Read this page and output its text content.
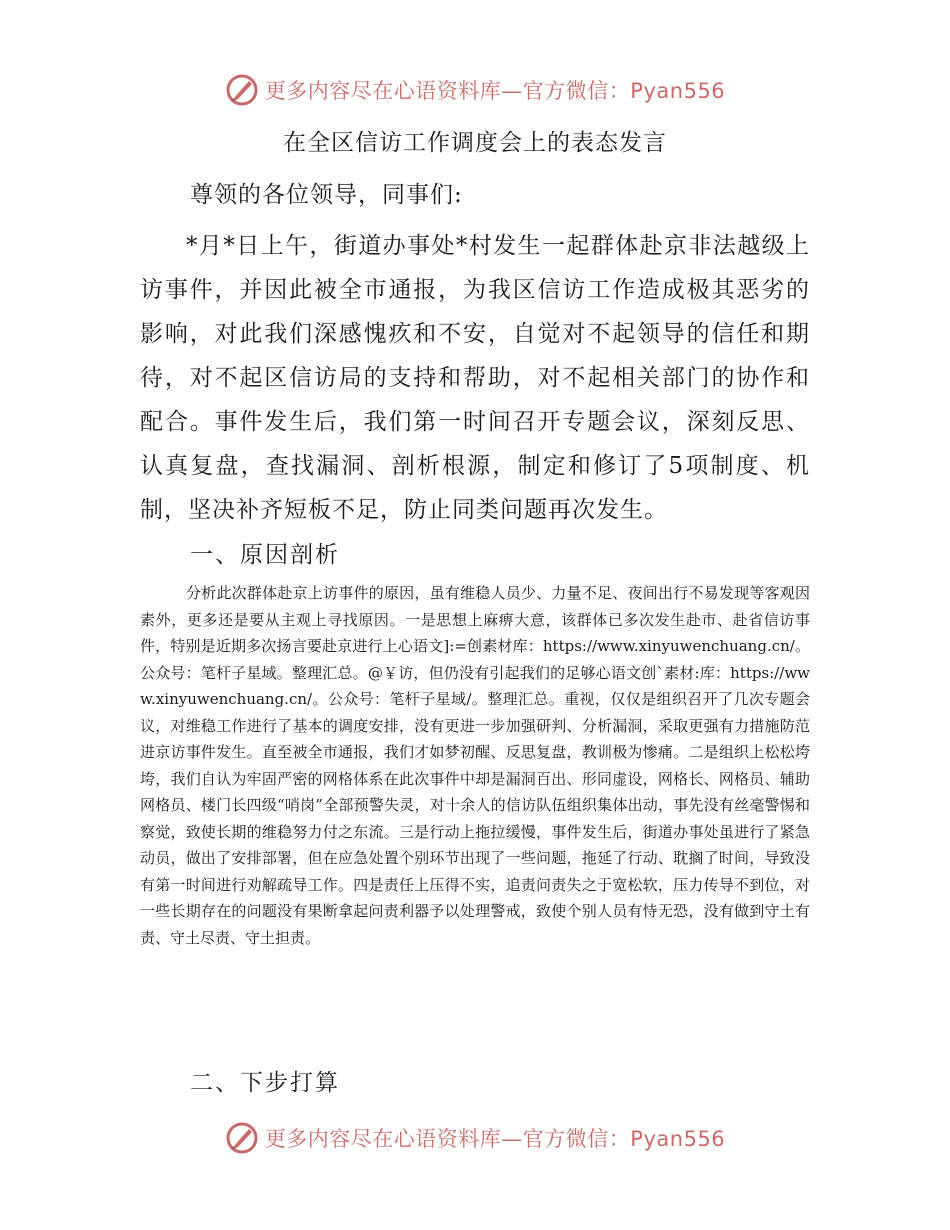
更多内容尽在心语资料库—官方微信：Pyan556
在全区信访工作调度会上的表态发言
尊领的各位领导，同事们:

*月*日上午，街道办事处*村发生一起群体赴京非法越级上访事件，并因此被全市通报，为我区信访工作造成极其恶劣的影响，对此我们深感愧疚和不安，自觉对不起领导的信任和期待，对不起区信访局的支持和帮助，对不起相关部门的协作和配合。事件发生后，我们第一时间召开专题会议，深刻反思、认真复盘，查找漏洞、剖析根源，制定和修订了5项制度、机制，坚决补齐短板不足，防止同类问题再次发生。

一、原因剖析

分析此次群体赴京上访事件的原因，虽有维稳人员少、力量不足、夜间出行不易发现等客观因素外，更多还是要从主观上寻找原因。一是思想上麻痹大意，该群体已多次发生赴市、赴省信访事件，特别是近期多次扬言要赴京进行上心语文]:=创素材库：https://www.xinyuwenchuang.cn/。公众号：笔杆子星域。整理汇总。@￥访，但仍没有引起我们的足够心语文创`素材:库：https://www.xinyuwenchuang.cn/。公众号：笔杆子星域/。整理汇总。重视，仅仅是组织召开了几次专题会议，对维稳工作进行了基本的调度安排，没有更进一步加强研判、分析漏洞，采取更强有力措施防范进京访事件发生。直至被全市通报，我们才如梦初醒、反思复盘，教训极为惨痛。二是组织上松松垮垮，我们自认为牢固严密的网格体系在此次事件中却是漏洞百出、形同虚设，网格长、网格员、辅助网格员、楼门长四级“哨岗”全部预警失灵，对十余人的信访队伍组织集体出动，事先没有丝毫警惕和察觉，致使长期的维稳努力付之东流。三是行动上拖拉缓慢，事件发生后，街道办事处虽进行了紧急动员，做出了安排部署，但在应急处置个别环节出现了一些问题，拖延了行动、耽搁了时间，导致没有第一时间进行劝解疏导工作。四是责任上压得不实，追责问责失之于宽松软，压力传导不到位，对一些长期存在的问题没有果断拿起问责利器予以处理警戒，致使个别人员有恃无恐，没有做到守土有责、守土尽责、守土担责。

二、下步打算
更多内容尽在心语资料库—官方微信：Pyan556
